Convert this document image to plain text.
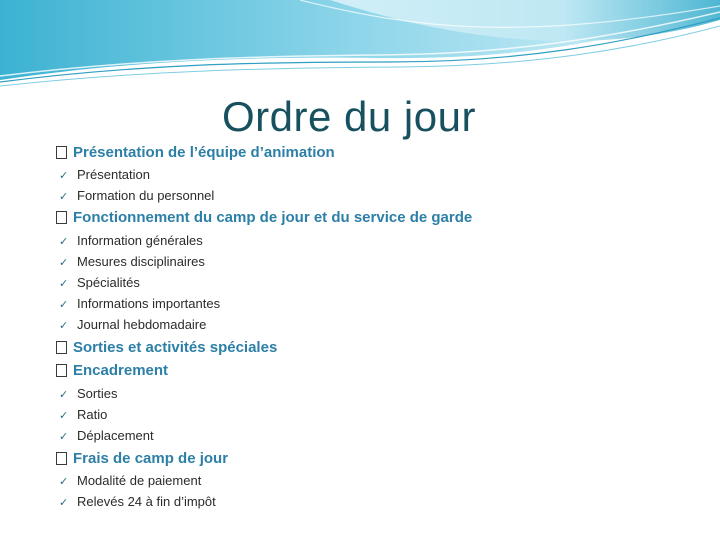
Ordre du jour
Présentation de l’équipe d’animation
✓ Présentation
✓ Formation du personnel
Fonctionnement du camp de jour et du service de garde
✓ Information générales
✓ Mesures disciplinaires
✓ Spécialités
✓ Informations importantes
✓ Journal hebdomadaire
Sorties et activités spéciales
Encadrement
✓ Sorties
✓ Ratio
✓ Déplacement
Frais de camp de jour
✓ Modalité de paiement
✓ Relevés 24 à fin d’impôt
